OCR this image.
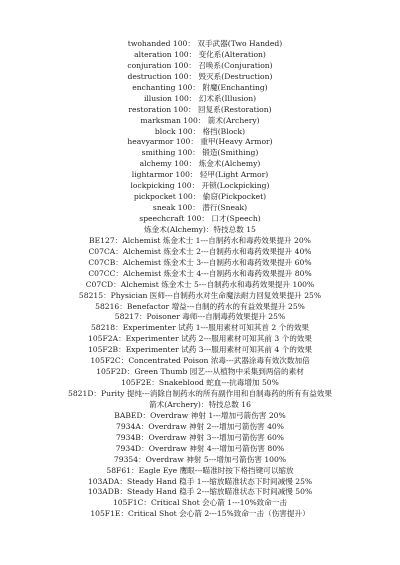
twohanded 100： 双手武器(Two Handed)
alteration 100： 变化系(Alteration)
conjuration 100： 召唤系(Conjuration)
destruction 100： 毁灭系(Destruction)
enchanting 100： 附魔(Enchanting)
illusion 100： 幻术系(Illusion)
restoration 100： 回复系(Restoration)
marksman 100： 箭术(Archery)
block 100： 格挡(Block)
heavyarmor 100： 重甲(Heavy Armor)
smithing 100： 锻造(Smithing)
alchemy 100： 炼金术(Alchemy)
lightarmor 100： 轻甲(Light Armor)
lockpicking 100： 开锁(Lockpicking)
pickpocket 100： 偷窃(Pickpocket)
sneak 100： 潜行(Sneak)
speechcraft 100： 口才(Speech)
炼金术(Alchemy)：特技总数 15
BE127：Alchemist 炼金术士 1---自制药水和毒药效果提升 20%
C07CA：Alchemist 炼金术士 2---自制药水和毒药效果提升 40%
C07CB：Alchemist 炼金术士 3---自制药水和毒药效果提升 60%
C07CC：Alchemist 炼金术士 4---自制药水和毒药效果提升 80%
C07CD：Alchemist 炼金术士 5---自制药水和毒药效果提升 100%
58215：Physician 医师---自制药水对生命魔法耐力回复效果提升 25%
58216：Benefactor 增益---自制的药水的有益效果提升 25%
58217：Poisoner 毒师---自制毒药效果提升 25%
58218：Experimenter 试药 1---服用素材可知其首 2 个的效果
105F2A：Experimenter 试药 2---服用素材可知其前 3 个的效果
105F2B：Experimenter 试药 3---服用素材可知其前 4 个的效果
105F2C：Concentrated Poison 浓毒---武器涂毒有效次数加倍
105F2D：Green Thumb 园艺---从植物中采集到两倍的素材
105F2E：Snakeblood 蛇血---抗毒增加 50%
5821D：Purity 提纯---消除自制药水的所有副作用和自制毒药的所有有益效果
箭术(Archery)：特技总数 16
BABED：Overdraw 神射 1---增加弓箭伤害 20%
7934A：Overdraw 神射 2---增加弓箭伤害 40%
7934B：Overdraw 神射 3---增加弓箭伤害 60%
7934D：Overdraw 神射 4---增加弓箭伤害 80%
79354：Overdraw 神射 5---增加弓箭伤害 100%
58F61：Eagle Eye 鹰眼---瞄准时按下格挡键可以缩放
103ADA：Steady Hand 稳手 1---缩放瞄准状态下时间减慢 25%
103ADB：Steady Hand 稳手 2---缩放瞄准状态下时间减慢 50%
105F1C：Critical Shot 会心箭 1---10%致命一击
105F1E：Critical Shot 会心箭 2---15%致命一击（伤害提升）
